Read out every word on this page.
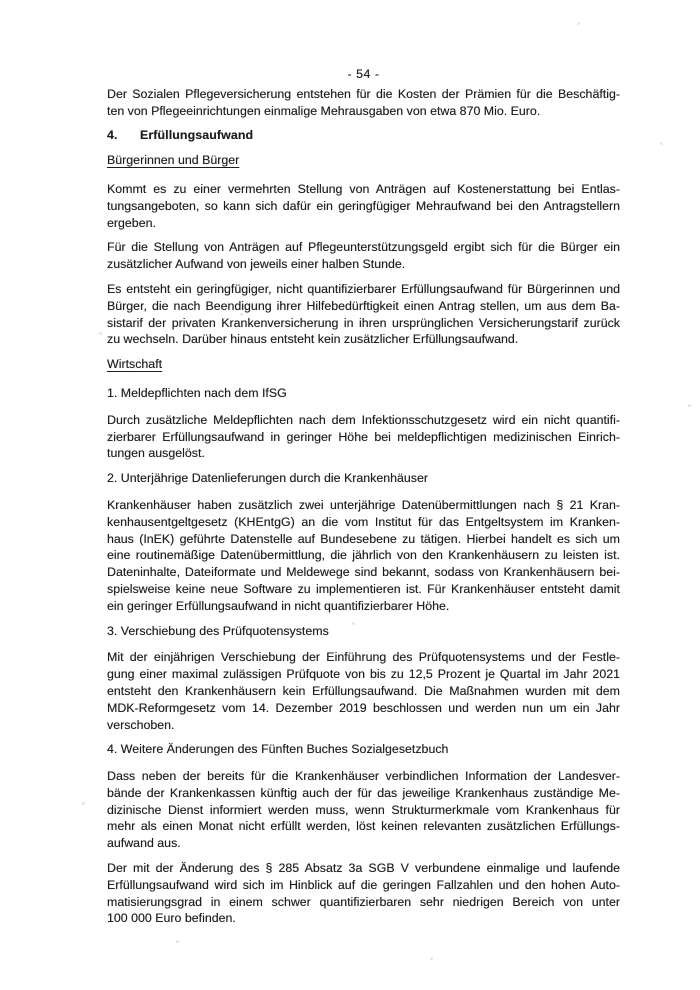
- 54 -
Der Sozialen Pflegeversicherung entstehen für die Kosten der Prämien für die Beschäftig-
ten von Pflegeeinrichtungen einmalige Mehrausgaben von etwa 870 Mio. Euro.
4. Erfüllungsaufwand
Bürgerinnen und Bürger
Kommt es zu einer vermehrten Stellung von Anträgen auf Kostenerstattung bei Entlas-
tungsangeboten, so kann sich dafür ein geringfügiger Mehraufwand bei den Antragstellern
ergeben.
Für die Stellung von Anträgen auf Pflegeunterstützungsgeld ergibt sich für die Bürger ein
zusätzlicher Aufwand von jeweils einer halben Stunde.
Es entsteht ein geringfügiger, nicht quantifizierbarer Erfüllungsaufwand für Bürgerinnen und
Bürger, die nach Beendigung ihrer Hilfebedürftigkeit einen Antrag stellen, um aus dem Ba-
sistarif der privaten Krankenversicherung in ihren ursprünglichen Versicherungstarif zurück
zu wechseln. Darüber hinaus entsteht kein zusätzlicher Erfüllungsaufwand.
Wirtschaft
1. Meldepflichten nach dem IfSG
Durch zusätzliche Meldepflichten nach dem Infektionsschutzgesetz wird ein nicht quantifi-
zierbarer Erfüllungsaufwand in geringer Höhe bei meldepflichtigen medizinischen Einrich-
tungen ausgelöst.
2. Unterjährige Datenlieferungen durch die Krankenhäuser
Krankenhäuser haben zusätzlich zwei unterjährige Datenübermittlungen nach § 21 Kran-
kenhausentgeltgesetz (KHEntgG) an die vom Institut für das Entgeltsystem im Kranken-
haus (InEK) geführte Datenstelle auf Bundesebene zu tätigen. Hierbei handelt es sich um
eine routinemäßige Datenübermittlung, die jährlich von den Krankenhäusern zu leisten ist.
Dateninhalte, Dateiformate und Meldewege sind bekannt, sodass von Krankenhäusern bei-
spielsweise keine neue Software zu implementieren ist. Für Krankenhäuser entsteht damit
ein geringer Erfüllungsaufwand in nicht quantifizierbarer Höhe.
3. Verschiebung des Prüfquotensystems
Mit der einjährigen Verschiebung der Einführung des Prüfquotensystems und der Festle-
gung einer maximal zulässigen Prüfquote von bis zu 12,5 Prozent je Quartal im Jahr 2021
entsteht den Krankenhäusern kein Erfüllungsaufwand. Die Maßnahmen wurden mit dem
MDK-Reformgesetz vom 14. Dezember 2019 beschlossen und werden nun um ein Jahr
verschoben.
4. Weitere Änderungen des Fünften Buches Sozialgesetzbuch
Dass neben der bereits für die Krankenhäuser verbindlichen Information der Landesver-
bände der Krankenkassen künftig auch der für das jeweilige Krankenhaus zuständige Me-
dizinische Dienst informiert werden muss, wenn Strukturmerkmale vom Krankenhaus für
mehr als einen Monat nicht erfüllt werden, löst keinen relevanten zusätzlichen Erfüllungs-
aufwand aus.
Der mit der Änderung des § 285 Absatz 3a SGB V verbundene einmalige und laufende
Erfüllungsaufwand wird sich im Hinblick auf die geringen Fallzahlen und den hohen Auto-
matisierungsgrad in einem schwer quantifizierbaren sehr niedrigen Bereich von unter
100 000 Euro befinden.
